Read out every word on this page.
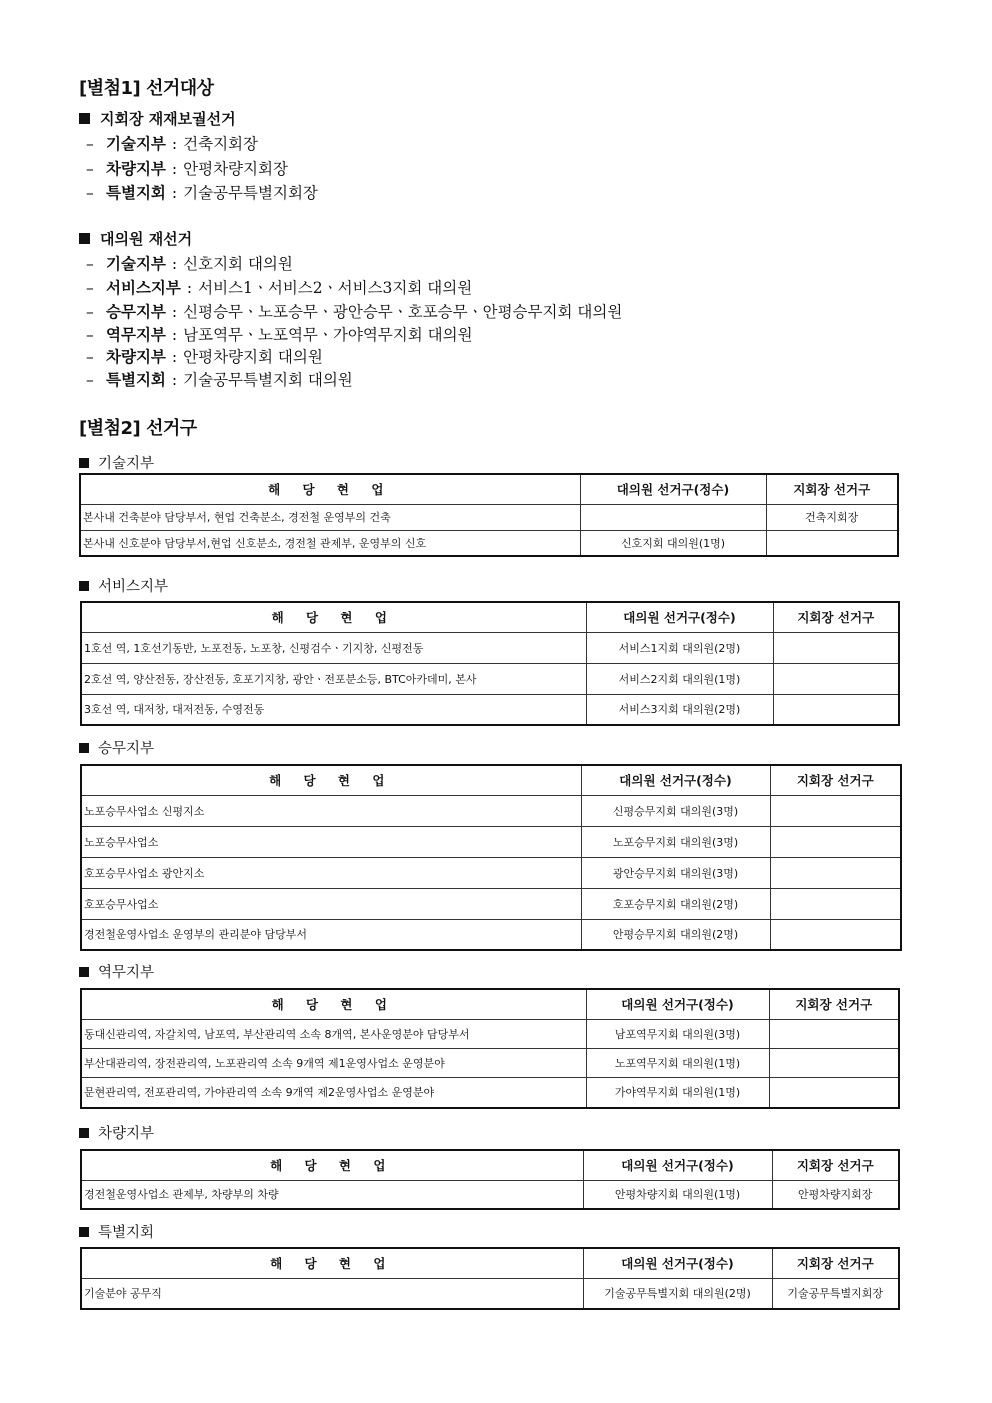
[별첨1] 선거대상
지회장 재재보궐선거
– 기술지부 : 건축지회장
– 차량지부 : 안평차량지회장
– 특별지회 : 기술공무특별지회장
대의원 재선거
– 기술지부 : 신호지회 대의원
– 서비스지부 : 서비스1ㆍ서비스2ㆍ서비스3지회 대의원
– 승무지부 : 신평승무ㆍ노포승무ㆍ광안승무ㆍ호포승무ㆍ안평승무지회 대의원
– 역무지부 : 남포역무ㆍ노포역무ㆍ가야역무지회 대의원
– 차량지부 : 안평차량지회 대의원
– 특별지회 : 기술공무특별지회 대의원
[별첨2] 선거구
기술지부
해 당 현 업	대의원 선거구(정수)	지회장 선거구
본사내 건축분야 담당부서, 현업 건축분소, 경전철 운영부의 건축		건축지회장
본사내 신호분야 담당부서,현업 신호분소, 경전철 관제부, 운영부의 신호	신호지회 대의원(1명)	
서비스지부
해 당 현 업	대의원 선거구(정수)	지회장 선거구
1호선 역, 1호선기동반, 노포전동, 노포창, 신평검수ㆍ기지창, 신평전동	서비스1지회 대의원(2명)	
2호선 역, 양산전동, 장산전동, 호포기지창, 광안ㆍ전포분소등, BTC아카데미, 본사	서비스2지회 대의원(1명)	
3호선 역, 대저창, 대저전동, 수영전동	서비스3지회 대의원(2명)	
승무지부
해 당 현 업	대의원 선거구(정수)	지회장 선거구
노포승무사업소 신평지소	신평승무지회 대의원(3명)	
노포승무사업소	노포승무지회 대의원(3명)	
호포승무사업소 광안지소	광안승무지회 대의원(3명)	
호포승무사업소	호포승무지회 대의원(2명)	
경전철운영사업소 운영부의 관리분야 담당부서	안평승무지회 대의원(2명)	
역무지부
해 당 현 업	대의원 선거구(정수)	지회장 선거구
동대신관리역, 자갈치역, 남포역, 부산관리역 소속 8개역, 본사운영분야 담당부서	남포역무지회 대의원(3명)	
부산대관리역, 장전관리역, 노포관리역 소속 9개역 제1운영사업소 운영분야	노포역무지회 대의원(1명)	
문현관리역, 전포관리역, 가야관리역 소속 9개역 제2운영사업소 운영분야	가야역무지회 대의원(1명)	
차량지부
해 당 현 업	대의원 선거구(정수)	지회장 선거구
경전철운영사업소 관제부, 차량부의 차량	안평차량지회 대의원(1명)	안평차량지회장
특별지회
해 당 현 업	대의원 선거구(정수)	지회장 선거구
기술분야 공무직	기술공무특별지회 대의원(2명)	기술공무특별지회장
